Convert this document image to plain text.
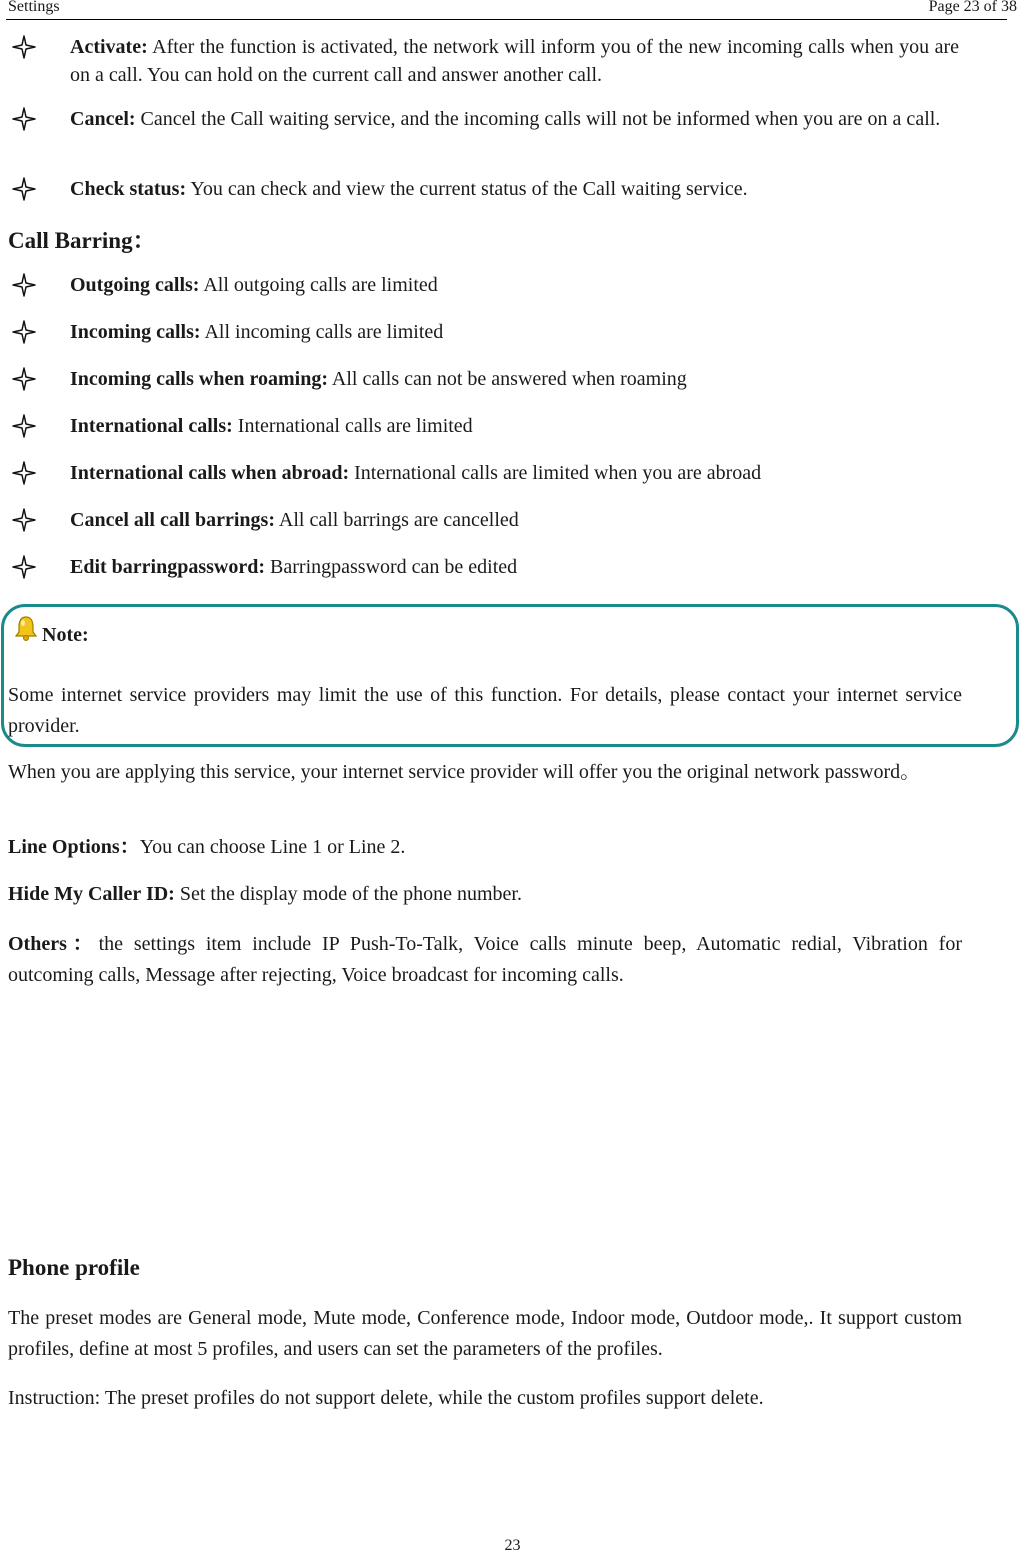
Settings	Page 23 of 38
Activate: After the function is activated, the network will inform you of the new incoming calls when you are on a call. You can hold on the current call and answer another call.
Cancel: Cancel the Call waiting service, and the incoming calls will not be informed when you are on a call.
Check status: You can check and view the current status of the Call waiting service.
Call Barring：
Outgoing calls: All outgoing calls are limited
Incoming calls: All incoming calls are limited
Incoming calls when roaming: All calls can not be answered when roaming
International calls: International calls are limited
International calls when abroad: International calls are limited when you are abroad
Cancel all call barrings: All call barrings are cancelled
Edit barringpassword: Barringpassword can be edited
Note:
Some internet service providers may limit the use of this function. For details, please contact your internet service provider.
When you are applying this service, your internet service provider will offer you the original network password。
Line Options：You can choose Line 1 or Line 2.
Hide My Caller ID: Set the display mode of the phone number.
Others：the settings item include IP Push-To-Talk, Voice calls minute beep, Automatic redial, Vibration for outcoming calls, Message after rejecting, Voice broadcast for incoming calls.
Phone profile
The preset modes are General mode, Mute mode, Conference mode, Indoor mode, Outdoor mode,. It support custom profiles, define at most 5 profiles, and users can set the parameters of the profiles.
Instruction: The preset profiles do not support delete, while the custom profiles support delete.
23
